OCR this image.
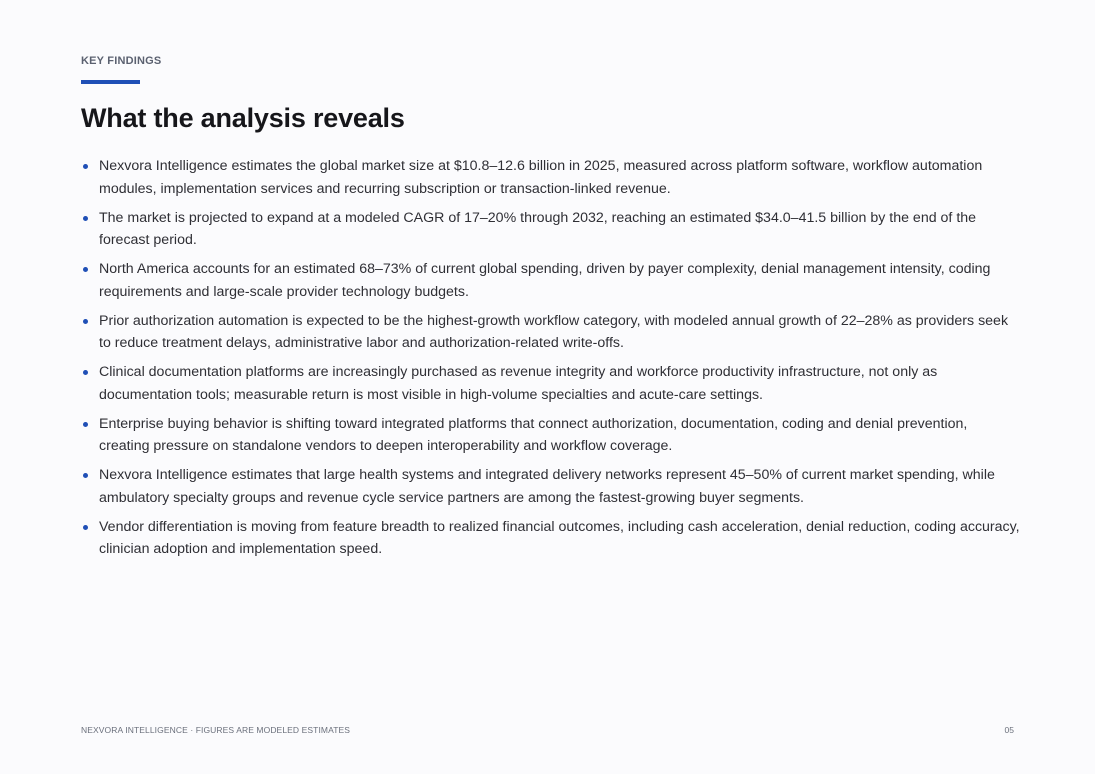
KEY FINDINGS
What the analysis reveals
Nexvora Intelligence estimates the global market size at $10.8–12.6 billion in 2025, measured across platform software, workflow automation modules, implementation services and recurring subscription or transaction-linked revenue.
The market is projected to expand at a modeled CAGR of 17–20% through 2032, reaching an estimated $34.0–41.5 billion by the end of the forecast period.
North America accounts for an estimated 68–73% of current global spending, driven by payer complexity, denial management intensity, coding requirements and large-scale provider technology budgets.
Prior authorization automation is expected to be the highest-growth workflow category, with modeled annual growth of 22–28% as providers seek to reduce treatment delays, administrative labor and authorization-related write-offs.
Clinical documentation platforms are increasingly purchased as revenue integrity and workforce productivity infrastructure, not only as documentation tools; measurable return is most visible in high-volume specialties and acute-care settings.
Enterprise buying behavior is shifting toward integrated platforms that connect authorization, documentation, coding and denial prevention, creating pressure on standalone vendors to deepen interoperability and workflow coverage.
Nexvora Intelligence estimates that large health systems and integrated delivery networks represent 45–50% of current market spending, while ambulatory specialty groups and revenue cycle service partners are among the fastest-growing buyer segments.
Vendor differentiation is moving from feature breadth to realized financial outcomes, including cash acceleration, denial reduction, coding accuracy, clinician adoption and implementation speed.
NEXVORA INTELLIGENCE · FIGURES ARE MODELED ESTIMATES	05
